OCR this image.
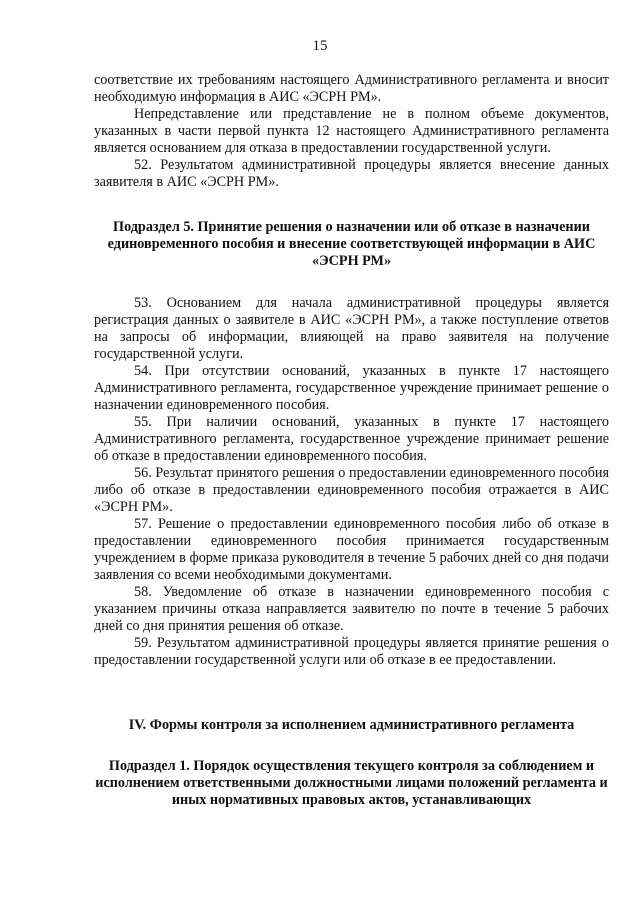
15

соответствие их требованиям настоящего Административного регламента и вносит необходимую информация в АИС «ЭСРН РМ».

Непредставление или представление не в полном объеме документов, указанных в части первой пункта 12 настоящего Административного регламента является основанием для отказа в предоставлении государственной услуги.

52. Результатом административной процедуры является внесение данных заявителя в АИС «ЭСРН РМ».

Подраздел 5. Принятие решения о назначении или об отказе в назначении единовременного пособия и внесение соответствующей информации в АИС «ЭСРН РМ»

53. Основанием для начала административной процедуры является регистрация данных о заявителе в АИС «ЭСРН РМ», а также поступление ответов на запросы об информации, влияющей на право заявителя на получение государственной услуги.

54. При отсутствии оснований, указанных в пункте 17 настоящего Административного регламента, государственное учреждение принимает решение о назначении единовременного пособия.

55. При наличии оснований, указанных в пункте 17 настоящего Административного регламента, государственное учреждение принимает решение об отказе в предоставлении единовременного пособия.

56. Результат принятого решения о предоставлении единовременного пособия либо об отказе в предоставлении единовременного пособия отражается в АИС «ЭСРН РМ».

57. Решение о предоставлении единовременного пособия либо об отказе в предоставлении единовременного пособия принимается государственным учреждением в форме приказа руководителя в течение 5 рабочих дней со дня подачи заявления со всеми необходимыми документами.

58. Уведомление об отказе в назначении единовременного пособия с указанием причины отказа направляется заявителю по почте в течение 5 рабочих дней со дня принятия решения об отказе.

59. Результатом административной процедуры является принятие решения о предоставлении государственной услуги или об отказе в ее предоставлении.

IV. Формы контроля за исполнением административного регламента

Подраздел 1. Порядок осуществления текущего контроля за соблюдением и исполнением ответственными должностными лицами положений регламента и иных нормативных правовых актов, устанавливающих
